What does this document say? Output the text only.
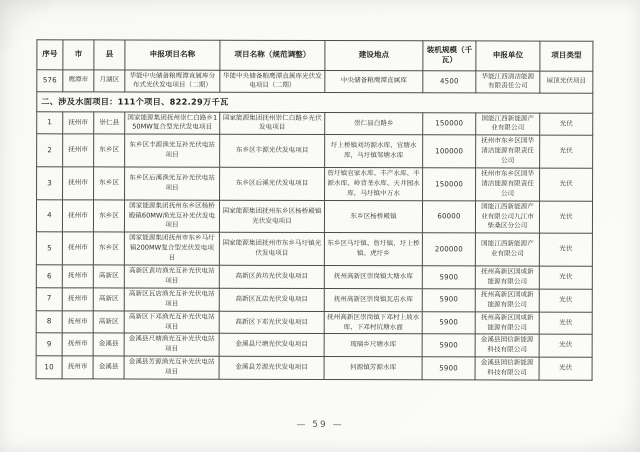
序号	市	县	申报项目名称	项目名称（规范调整）	建设地点	装机规模（千瓦）	申报单位	项目类型
576	鹰潭市	月湖区	华能中央储备粮鹰潭直属库分布式光伏发电项目（二期）	华能中央储备粮鹰潭直属库光伏发电项目（二期）	中央储备粮鹰潭直属库	4500	华能江西清洁能源有限责任公司	屋顶光伏项目
二、涉及水面项目：111个项目、822.29万千瓦								
1	抚州市	崇仁县	国家能源集团抚州崇仁白路乡150MW复合型光伏发电项目	国家能源集团抚州崇仁白路乡光伏发电项目	崇仁县白路乡	150000	国能江西新能源产业有限公司	光伏
2	抚州市	东乡区	东乡区丰源渔光互补光伏电站项目	东乡区丰源光伏发电项目	圩上桥镇刘坊源水库、官塘水库，马圩镇邹塘水库	100000	抚州市东乡区国华清洁能源有限责任公司	光伏
3	抚州市	东乡区	东乡区后溪渔光互补光伏电站项目	东乡区后溪光伏发电项目	詹圩镇官家水库、丰产水库、丰源水库、岭背垄水库、天井园水库，马圩镇中万水	150000	抚州市东乡区国华清洁能源有限责任公司	光伏
4	抚州市	东乡区	国家能源集团抚州东乡区杨桥殿镇60MW渔光互补光伏发电项目	国家能源集团抚州东乡区杨桥殿镇光伏发电项目	东乡区杨桥殿镇	60000	国能江西新能源产业有限公司九江市柴桑区分公司	光伏
5	抚州市	东乡区	国家能源集团抚州市东乡马圩镇200MW复合型光伏发电项目	国家能源集团抚州市东乡马圩镇光伏发电项目	东乡区马圩镇、詹圩镇，圩上桥镇、虎圩乡	200000	国能江西新能源产业有限公司	光伏
6	抚州市	高新区	高新区黄坊渔光互补光伏电站项目	高新区黄坊光伏发电项目	抚州高新区崇岗镇大塘水库	5900	抚州高新区国成新能源有限公司	光伏
7	抚州市	高新区	高新区瓦店渔光互补光伏电站项目	高新区瓦店光伏发电项目	抚州高新区崇岗镇瓦店水库	5900	抚州高新区国成新能源有限公司	光伏
8	抚州市	高新区	高新区下邓渔光互补光伏电站项目	高新区下邓光伏发电项目	抚州高新区崇岗镇下邓村上坡水库、下邓村坑塘水面	5900	抚州高新区国成新能源有限公司	光伏
9	抚州市	金溪县	金溪县尺塘渔光互补光伏电站项目	金溪县尺塘光伏发电项目	琉璃乡尺塘水库	5900	金溪县国信新能源科技有限公司	光伏
10	抚州市	金溪县	金溪县芳源渔光互补光伏电站项目	金溪县芳源光伏发电项目	何源镇芳源水库	5900	金溪县国信新能源科技有限公司	光伏
— 59 —
